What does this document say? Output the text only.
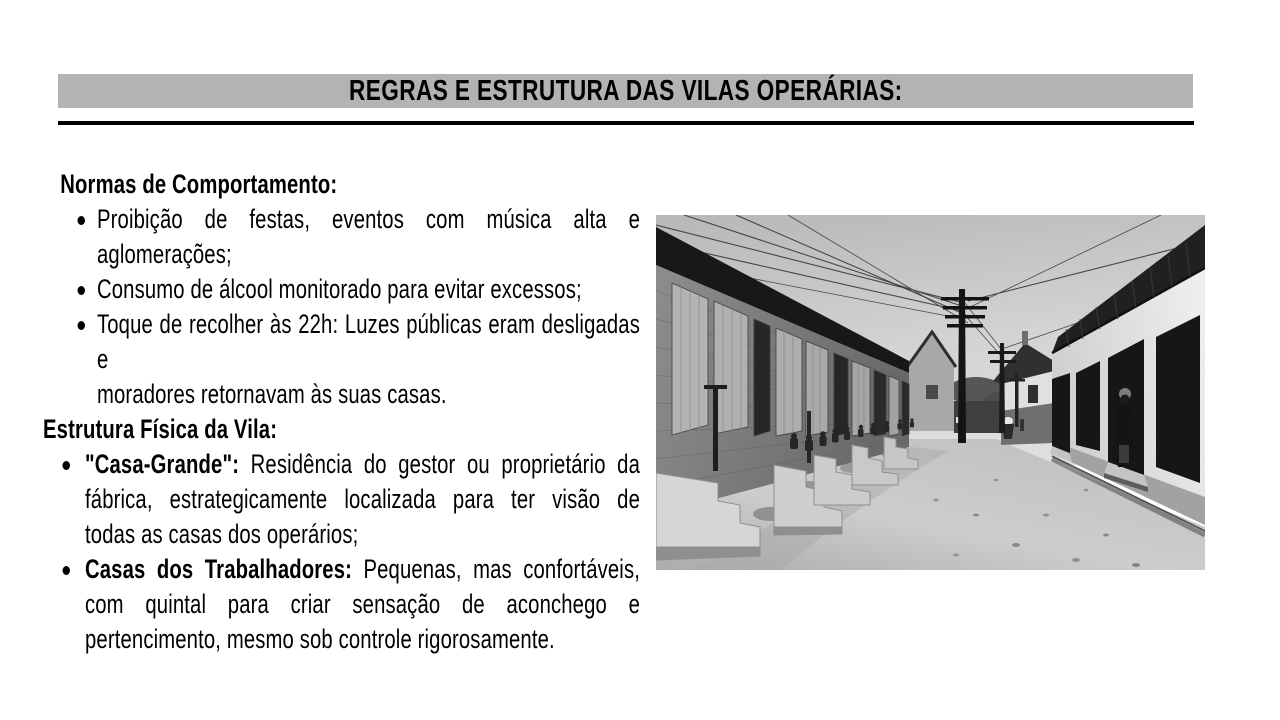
REGRAS E ESTRUTURA DAS VILAS OPERÁRIAS:
Normas de Comportamento:
Proibição de festas, eventos com música alta e
aglomerações;
Consumo de álcool monitorado para evitar excessos;
Toque de recolher às 22h: Luzes públicas eram desligadas e
moradores retornavam às suas casas.
Estrutura Física da Vila:
"Casa-Grande": Residência do gestor ou proprietário da
fábrica, estrategicamente localizada para ter visão de
todas as casas dos operários;
Casas dos Trabalhadores: Pequenas, mas confortáveis,
com quintal para criar sensação de aconchego e
pertencimento, mesmo sob controle rigorosamente.
